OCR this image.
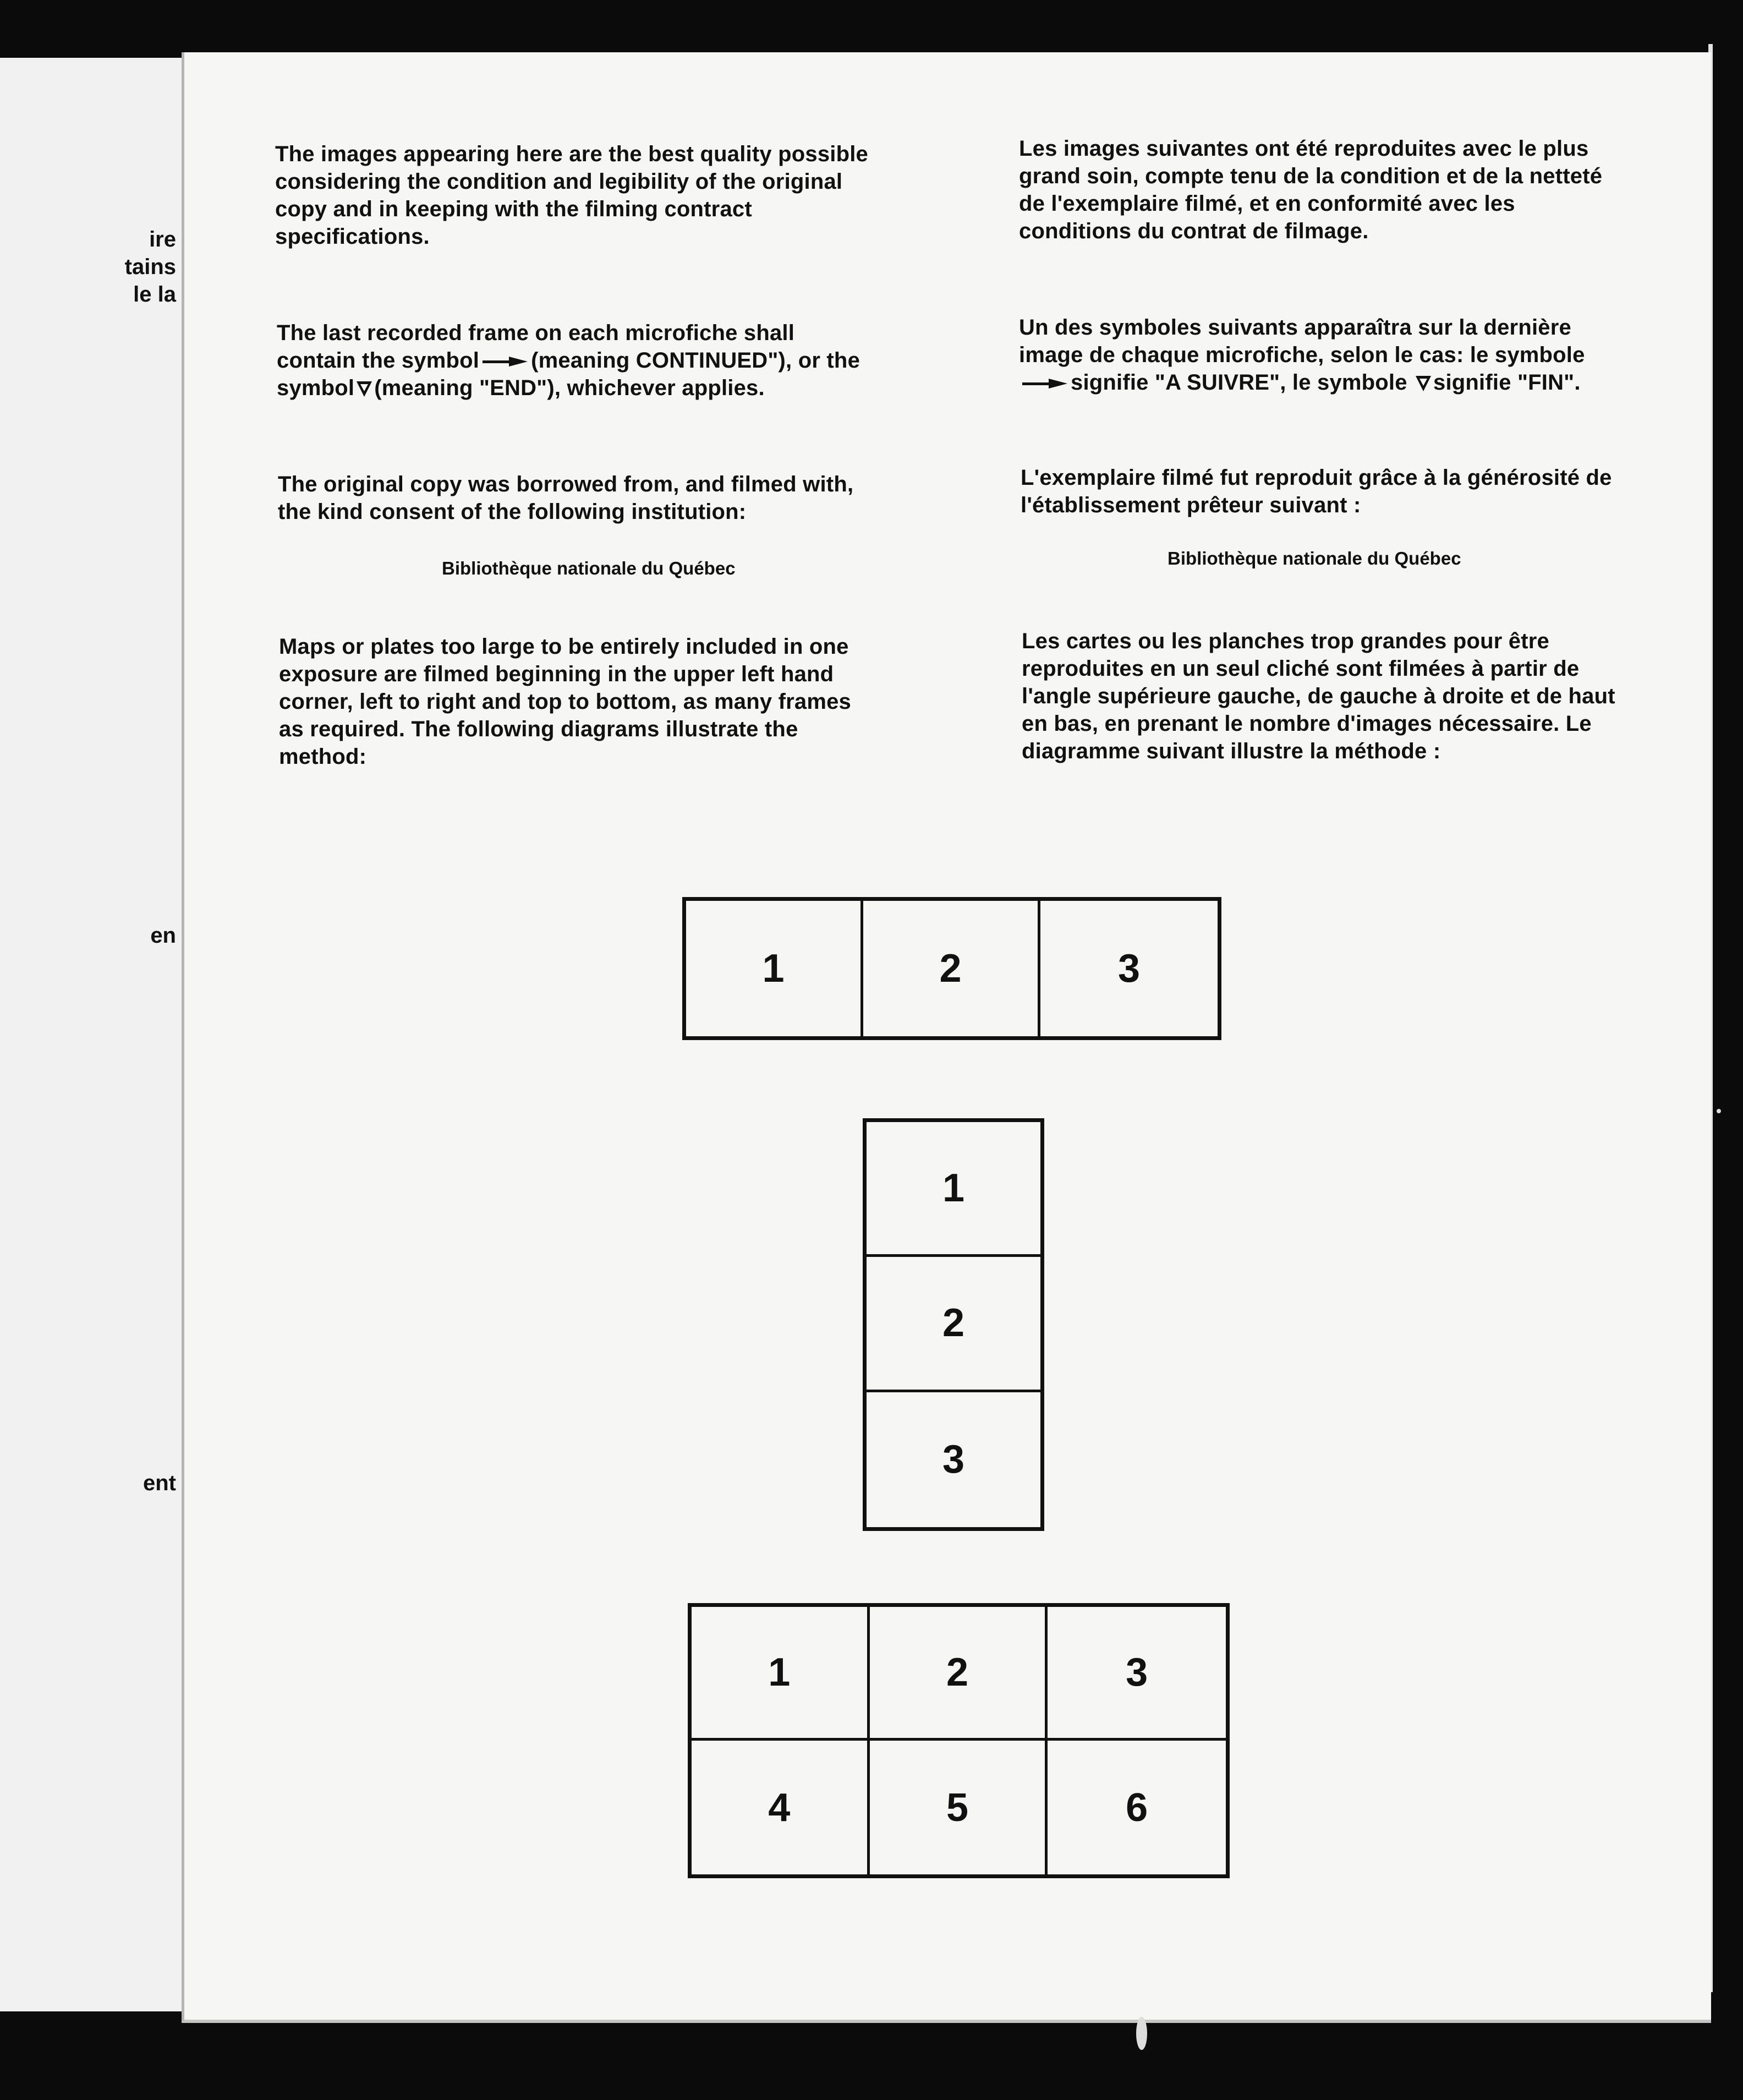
ire
tains
le la
en
ent
The images appearing here are the best quality possible considering the condition and legibility of the original copy and in keeping with the filming contract specifications.
The last recorded frame on each microfiche shall contain the symbol (meaning CONTINUED"), or the symbol (meaning "END"), whichever applies.
The original copy was borrowed from, and filmed with, the kind consent of the following institution:
Bibliothèque nationale du Québec
Maps or plates too large to be entirely included in one exposure are filmed beginning in the upper left hand corner, left to right and top to bottom, as many frames as required. The following diagrams illustrate the method:
Les images suivantes ont été reproduites avec le plus grand soin, compte tenu de la condition et de la netteté de l'exemplaire filmé, et en conformité avec les conditions du contrat de filmage.
Un des symboles suivants apparaîtra sur la dernière image de chaque microfiche, selon le cas: le symbolesignifie "A SUIVRE", le symbole signifie "FIN".
L'exemplaire filmé fut reproduit grâce à la générosité de l'établissement prêteur suivant :
Bibliothèque nationale du Québec
Les cartes ou les planches trop grandes pour être reproduites en un seul cliché sont filmées à partir de l'angle supérieure gauche, de gauche à droite et de haut en bas, en prenant le nombre d'images nécessaire. Le diagramme suivant illustre la méthode :
1	2	3
1
2
3
1	2	3
4	5	6
